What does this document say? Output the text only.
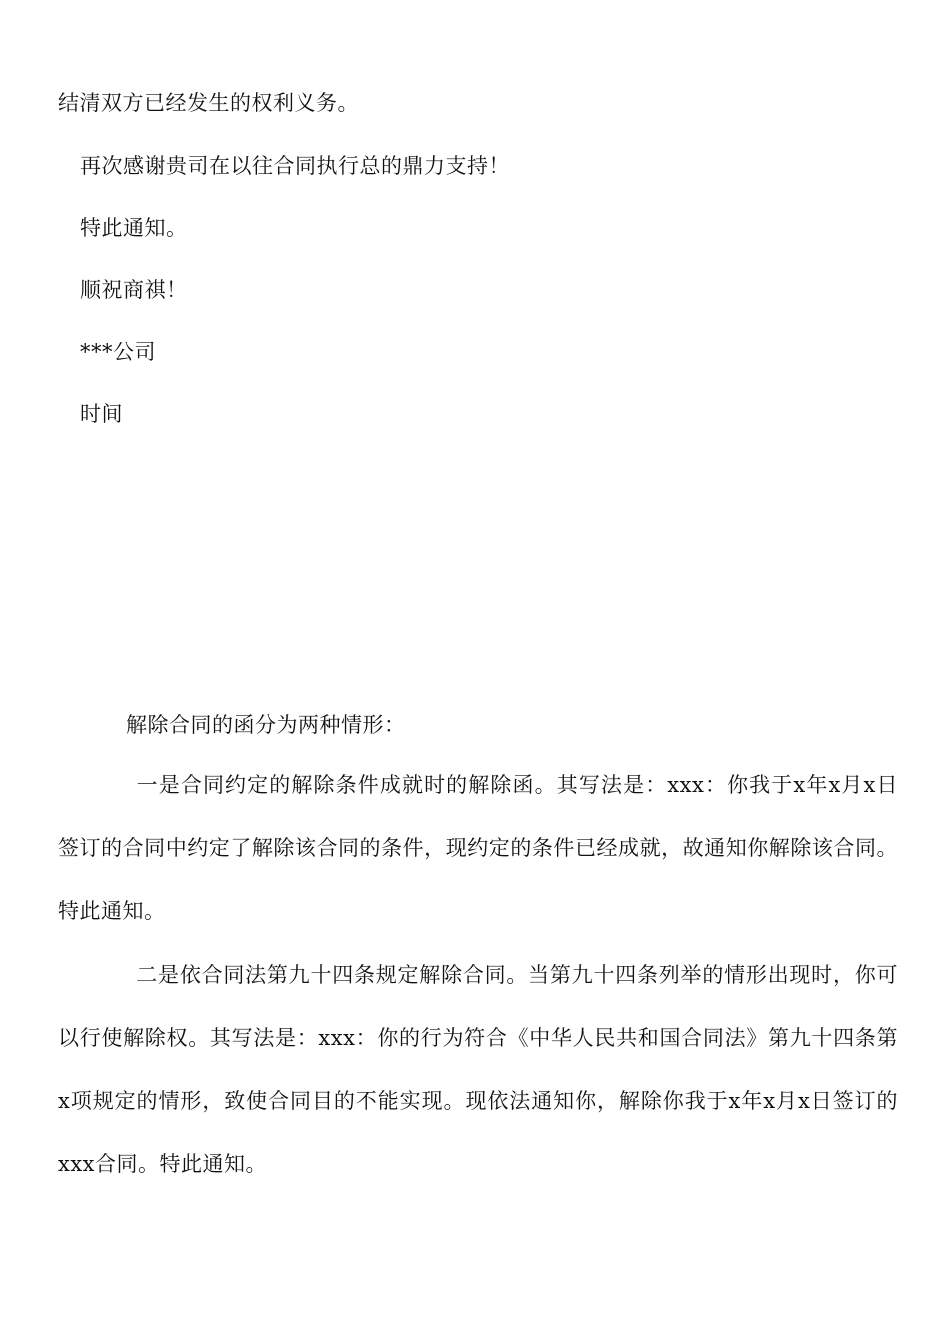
结清双方已经发生的权利义务。
再次感谢贵司在以往合同执行总的鼎力支持！
特此通知。
顺祝商祺！
***公司
时间
解除合同的函分为两种情形：
一是合同约定的解除条件成就时的解除函。其写法是：xxx：你我于x年x月x日签订的合同中约定了解除该合同的条件，现约定的条件已经成就，故通知你解除该合同。 特此通知。
二是依合同法第九十四条规定解除合同。当第九十四条列举的情形出现时，你可以行使解除权。其写法是：xxx：你的行为符合《中华人民共和国合同法》第九十四条第x项规定的情形，致使合同目的不能实现。现依法通知你，解除你我于x年x月x日签订的xxx合同。特此通知。
